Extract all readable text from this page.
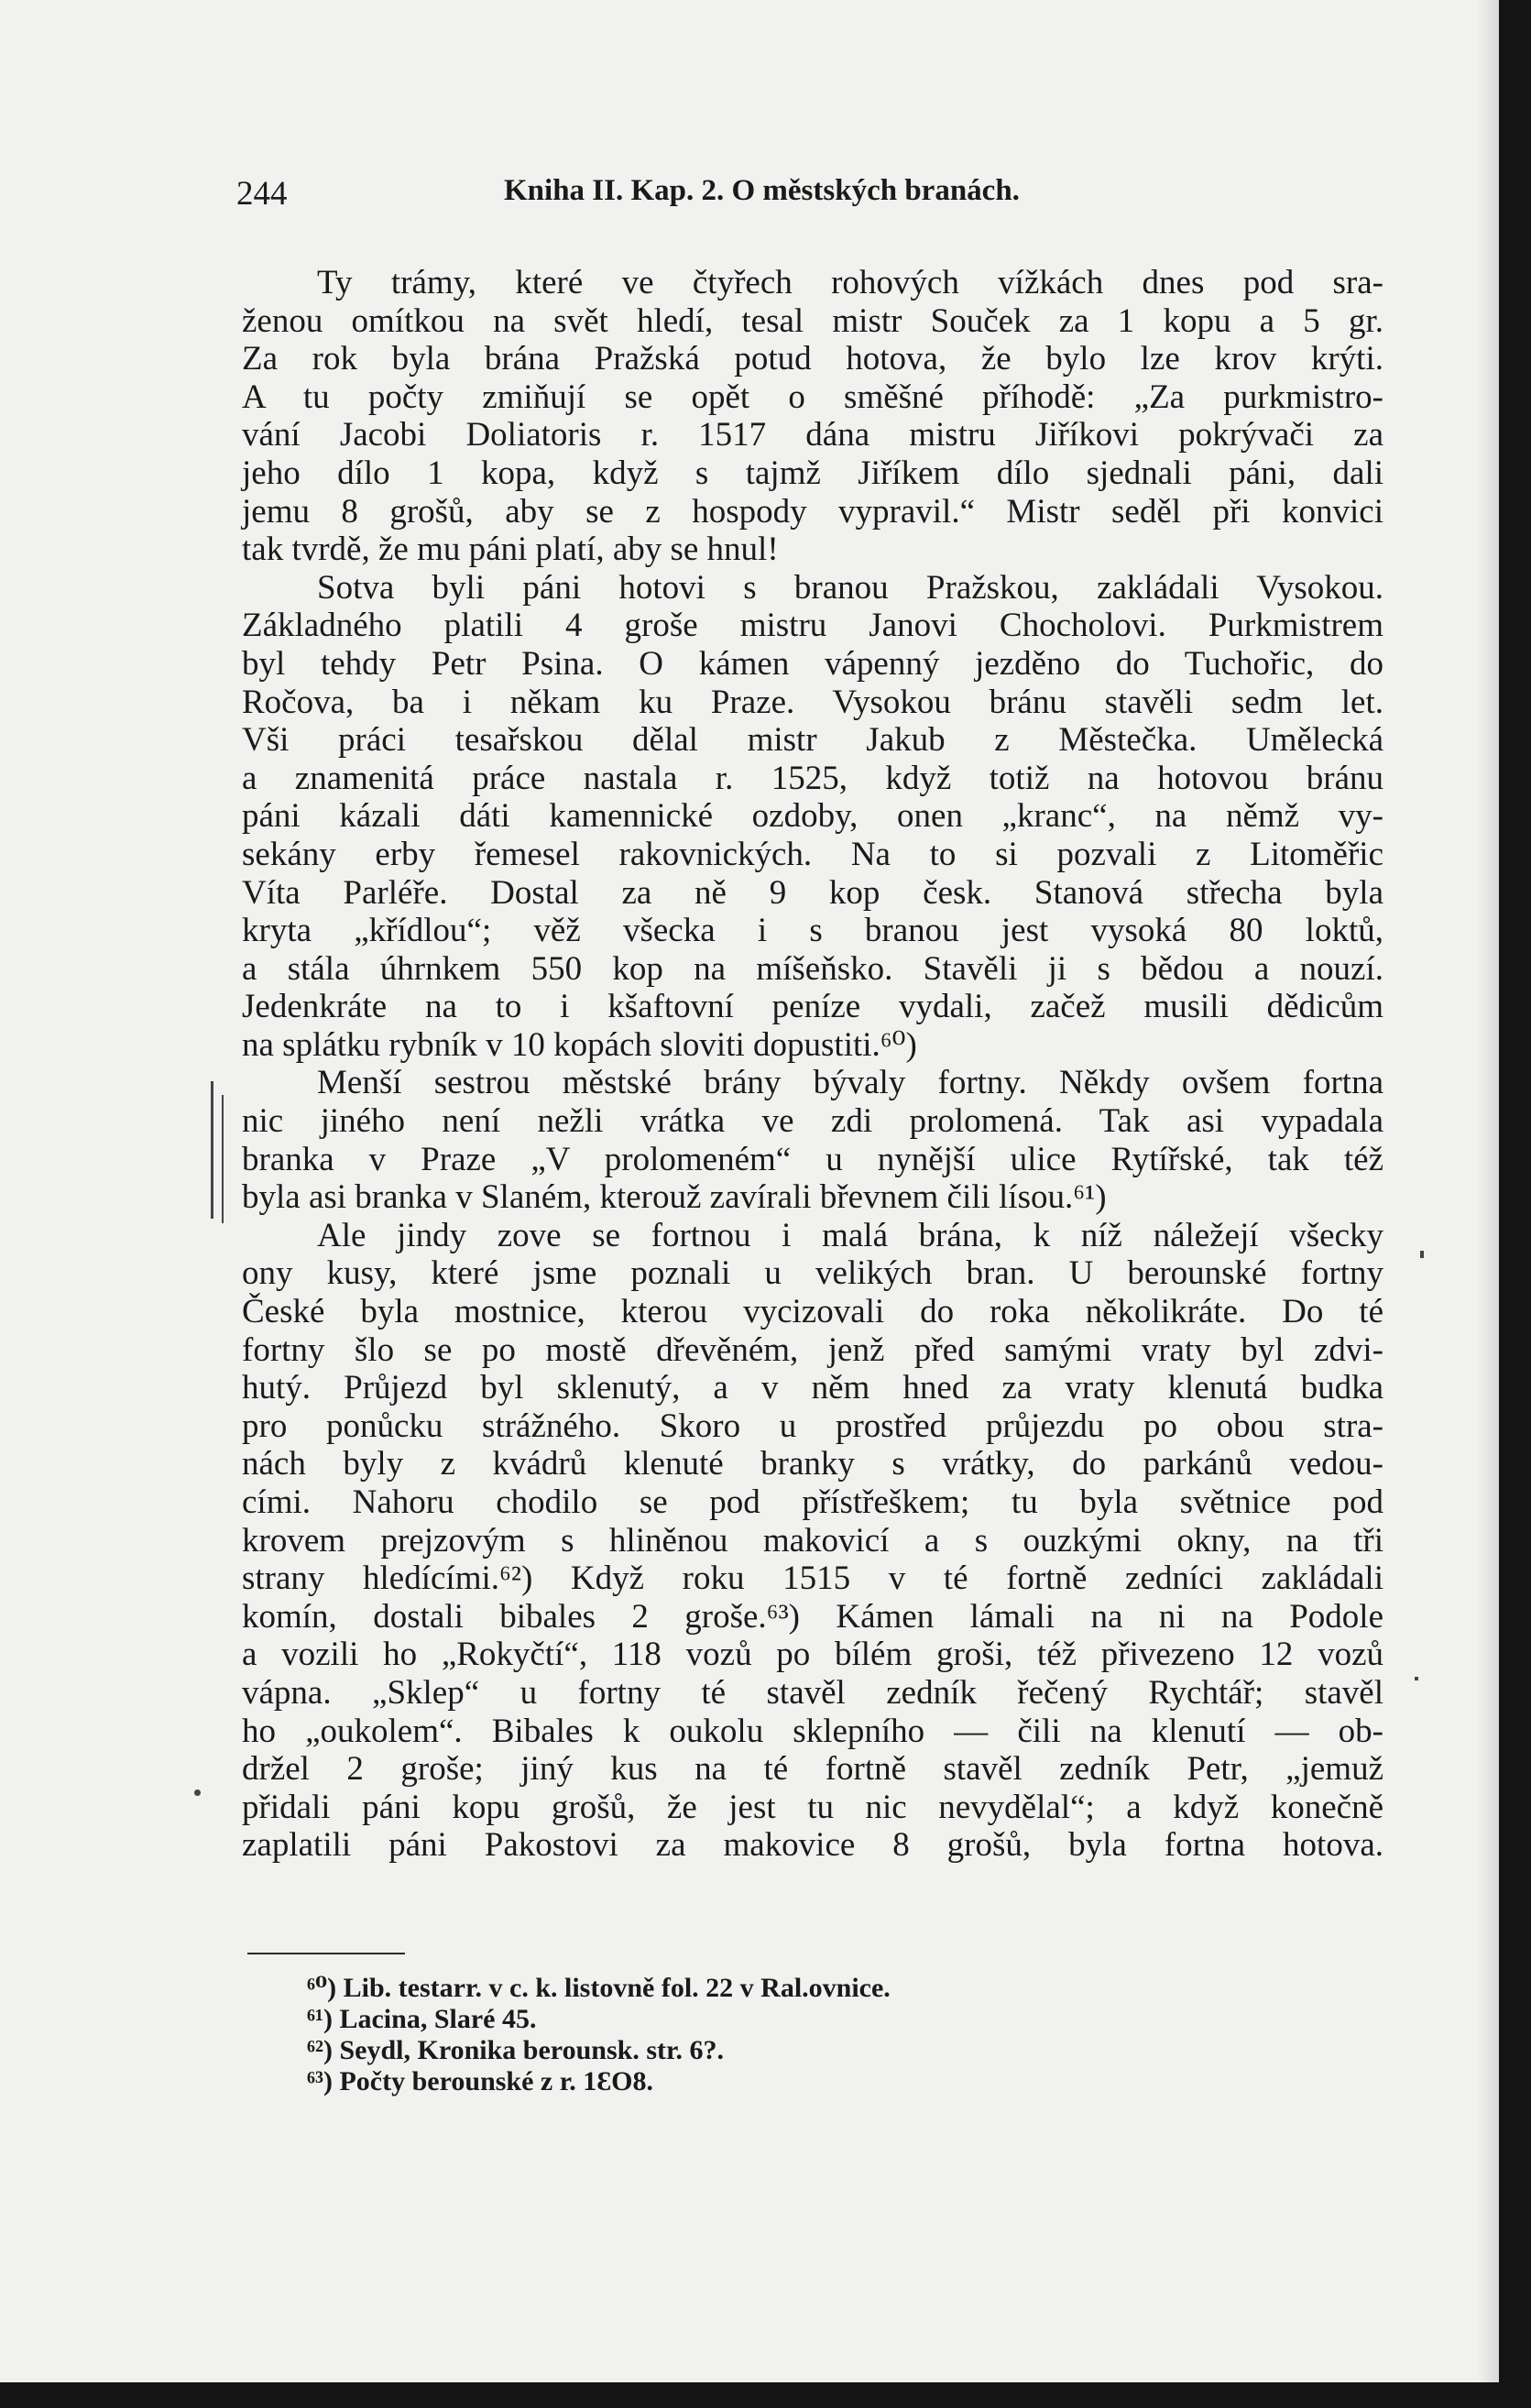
244	Kniha II. Kap. 2. O městských branách.
Ty trámy, které ve čtyřech rohových vížkách dnes pod sra-
ženou omítkou na svět hledí, tesal mistr Souček za 1 kopu a 5 gr.
Za rok byla brána Pražská potud hotova, že bylo lze krov krýti.
A tu počty zmiňují se opět o směšné příhodě: „Za purkmistro-
vání Jacobi Doliatoris r. 1517 dána mistru Jiříkovi pokrývači za
jeho dílo 1 kopa, když s tajmž Jiříkem dílo sjednali páni, dali
jemu 8 grošů, aby se z hospody vypravil.“ Mistr seděl při konvici
tak tvrdě, že mu páni platí, aby se hnul!
Sotva byli páni hotovi s branou Pražskou, zakládali Vysokou.
Základného platili 4 groše mistru Janovi Chocholovi. Purkmistrem
byl tehdy Petr Psina. O kámen vápenný jezděno do Tuchořic, do
Ročova, ba i někam ku Praze. Vysokou bránu stavěli sedm let.
Vši práci tesařskou dělal mistr Jakub z Městečka. Umělecká
a znamenitá práce nastala r. 1525, když totiž na hotovou bránu
páni kázali dáti kamennické ozdoby, onen „kranc“, na němž vy-
sekány erby řemesel rakovnických. Na to si pozvali z Litoměřic
Víta Parléře. Dostal za ně 9 kop česk. Stanová střecha byla
kryta „křídlou“; věž všecka i s branou jest vysoká 80 loktů,
a stála úhrnkem 550 kop na míšeňsko. Stavěli ji s bědou a nouzí.
Jedenkráte na to i kšaftovní peníze vydali, začež musili dědicům
na splátku rybník v 10 kopách sloviti dopustiti.⁶⁰)
Menší sestrou městské brány bývaly fortny. Někdy ovšem fortna
nic jiného není nežli vrátka ve zdi prolomená. Tak asi vypadala
branka v Praze „V prolomeném“ u nynější ulice Rytířské, tak též
byla asi branka v Slaném, kterouž zavírali břevnem čili lísou.⁶¹)
Ale jindy zove se fortnou i malá brána, k níž náležejí všecky
ony kusy, které jsme poznali u velikých bran. U berounské fortny
České byla mostnice, kterou vycizovali do roka několikráte. Do té
fortny šlo se po mostě dřevěném, jenž před samými vraty byl zdvi-
hutý. Průjezd byl sklenutý, a v něm hned za vraty klenutá budka
pro ponůcku strážného. Skoro u prostřed průjezdu po obou stra-
nách byly z kvádrů klenuté branky s vrátky, do parkánů vedou-
cími. Nahoru chodilo se pod přístřeškem; tu byla světnice pod
krovem prejzovým s hliněnou makovicí a s ouzkými okny, na tři
strany hledícími.⁶²) Když roku 1515 v té fortně zedníci zakládali
komín, dostali bibales 2 groše.⁶³) Kámen lámali na ni na Podole
a vozili ho „Rokyčtí“, 118 vozů po bílém groši, též přivezeno 12 vozů
vápna. „Sklep“ u fortny té stavěl zedník řečený Rychtář; stavěl
ho „oukolem“. Bibales k oukolu sklepního — čili na klenutí — ob-
držel 2 groše; jiný kus na té fortně stavěl zedník Petr, „jemuž
přidali páni kopu grošů, že jest tu nic nevydělal“; a když konečně
zaplatili páni Pakostovi za makovice 8 grošů, byla fortna hotova.
⁶⁰) Lib. testarr. v c. k. listovně fol. 22 v Ral.ovnice.
⁶¹) Lacina, Slaré 45.
⁶²) Seydl, Kronika berounsk. str. 6?.
⁶³) Počty berounské z r. 1ƐO8.
